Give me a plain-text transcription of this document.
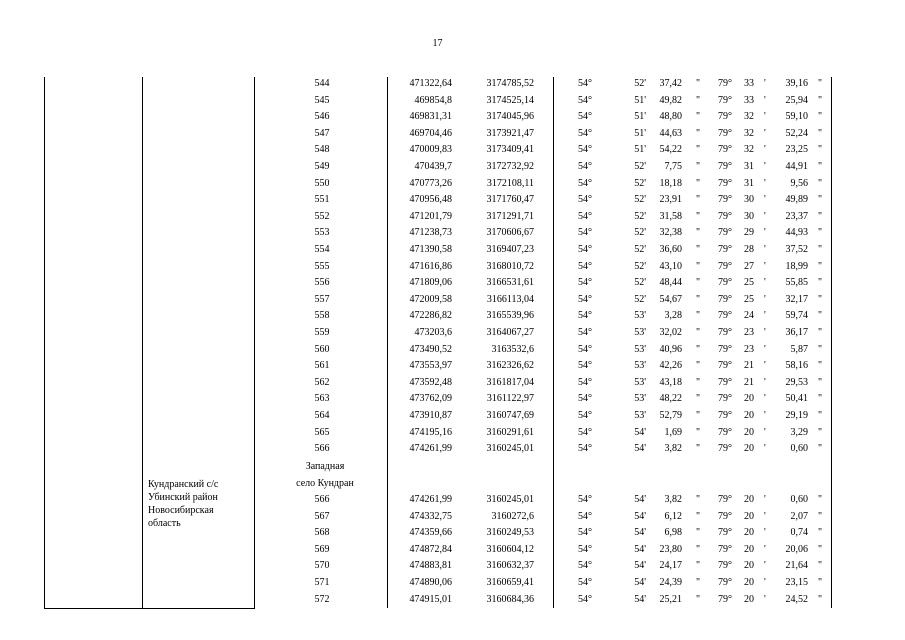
17
Кундранский с/с
Убинский район
Новосибирская
область
Западная
село Кундран
544	471322,64	3174785,52	54°	52'	37,42 "	79°	33 '	39,16 "
545	469854,8	3174525,14	54°	51'	49,82 "	79°	33 '	25,94 "
546	469831,31	3174045,96	54°	51'	48,80 "	79°	32 '	59,10 "
547	469704,46	3173921,47	54°	51'	44,63 "	79°	32 '	52,24 "
548	470009,83	3173409,41	54°	51'	54,22 "	79°	32 '	23,25 "
549	470439,7	3172732,92	54°	52'	7,75 "	79°	31 '	44,91 "
550	470773,26	3172108,11	54°	52'	18,18 "	79°	31 '	9,56 "
551	470956,48	3171760,47	54°	52'	23,91 "	79°	30 '	49,89 "
552	471201,79	3171291,71	54°	52'	31,58 "	79°	30 '	23,37 "
553	471238,73	3170606,67	54°	52'	32,38 "	79°	29 '	44,93 "
554	471390,58	3169407,23	54°	52'	36,60 "	79°	28 '	37,52 "
555	471616,86	3168010,72	54°	52'	43,10 "	79°	27 '	18,99 "
556	471809,06	3166531,61	54°	52'	48,44 "	79°	25 '	55,85 "
557	472009,58	3166113,04	54°	52'	54,67 "	79°	25 '	32,17 "
558	472286,82	3165539,96	54°	53'	3,28 "	79°	24 '	59,74 "
559	473203,6	3164067,27	54°	53'	32,02 "	79°	23 '	36,17 "
560	473490,52	3163532,6	54°	53'	40,96 "	79°	23 '	5,87 "
561	473553,97	3162326,62	54°	53'	42,26 "	79°	21 '	58,16 "
562	473592,48	3161817,04	54°	53'	43,18 "	79°	21 '	29,53 "
563	473762,09	3161122,97	54°	53'	48,22 "	79°	20 '	50,41 "
564	473910,87	3160747,69	54°	53'	52,79 "	79°	20 '	29,19 "
565	474195,16	3160291,61	54°	54'	1,69 "	79°	20 '	3,29 "
566	474261,99	3160245,01	54°	54'	3,82 "	79°	20 '	0,60 "
566	474261,99	3160245,01	54°	54'	3,82 "	79°	20 '	0,60 "
567	474332,75	3160272,6	54°	54'	6,12 "	79°	20 '	2,07 "
568	474359,66	3160249,53	54°	54'	6,98 "	79°	20 '	0,74 "
569	474872,84	3160604,12	54°	54'	23,80 "	79°	20 '	20,06 "
570	474883,81	3160632,37	54°	54'	24,17 "	79°	20 '	21,64 "
571	474890,06	3160659,41	54°	54'	24,39 "	79°	20 '	23,15 "
572	474915,01	3160684,36	54°	54'	25,21 "	79°	20 '	24,52 "
